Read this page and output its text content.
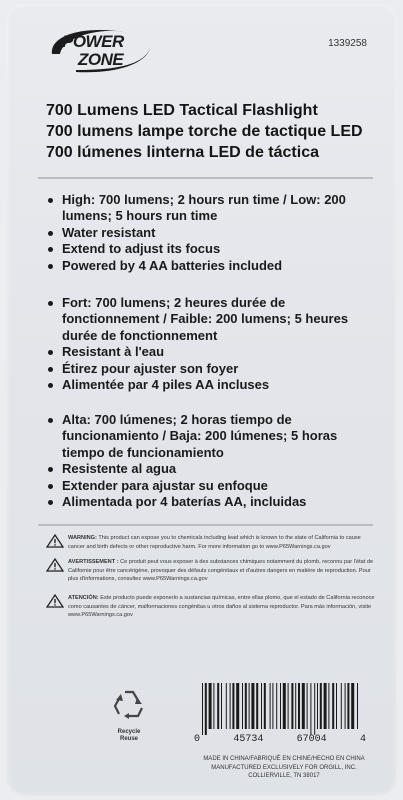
POWER
ZONE
1339258
700 Lumens LED Tactical Flashlight
700 lumens lampe torche de tactique LED
700 lúmenes linterna LED de táctica
High: 700 lumens; 2 hours run time / Low: 200 lumens; 5 hours run time
Water resistant
Extend to adjust its focus
Powered by 4 AA batteries included
Fort: 700 lumens; 2 heures durée de fonctionnement / Faible: 200 lumens; 5 heures durée de fonctionnement
Resistant à l'eau
Étirez pour ajuster son foyer
Alimentée par 4 piles AA incluses
Alta: 700 lúmenes; 2 horas tiempo de funcionamiento / Baja: 200 lúmenes; 5 horas tiempo de funcionamiento
Resistente al agua
Extender para ajustar su enfoque
Alimentada por 4 baterías AA, incluidas
WARNING: This product can expose you to chemicals including lead which is known to the state of California to cause cancer and birth defects or other reproductive harm. For more information go to www.P65Warnings.ca.gov
AVERTISSEMENT : Ce produit peut vous exposer à des substances chimiques notamment du plomb, reconnu par l'état de Californie pour être cancérigène, provoquer des défauts congénitaux et d'autres dangers en matière de reproduction. Pour plus d'informations, consultez www.P65Warnings.ca.gov
ATENCIÓN: Este producto puede exponerlo a sustancias químicas, entre ellas plomo, que el estado de California reconoce como causantes de cáncer, malformaciones congénitas u otros daños al sistema reproductor. Para más información, visite www.P65Warnings.ca.gov
Recycle
Reuse	0	45734	67004	4
MADE IN CHINA/FABRIQUÉ EN CHINE/HECHO EN CHINA
MANUFACTURED EXCLUSIVELY FOR ORGILL, INC.
COLLIERVILLE, TN 38017
